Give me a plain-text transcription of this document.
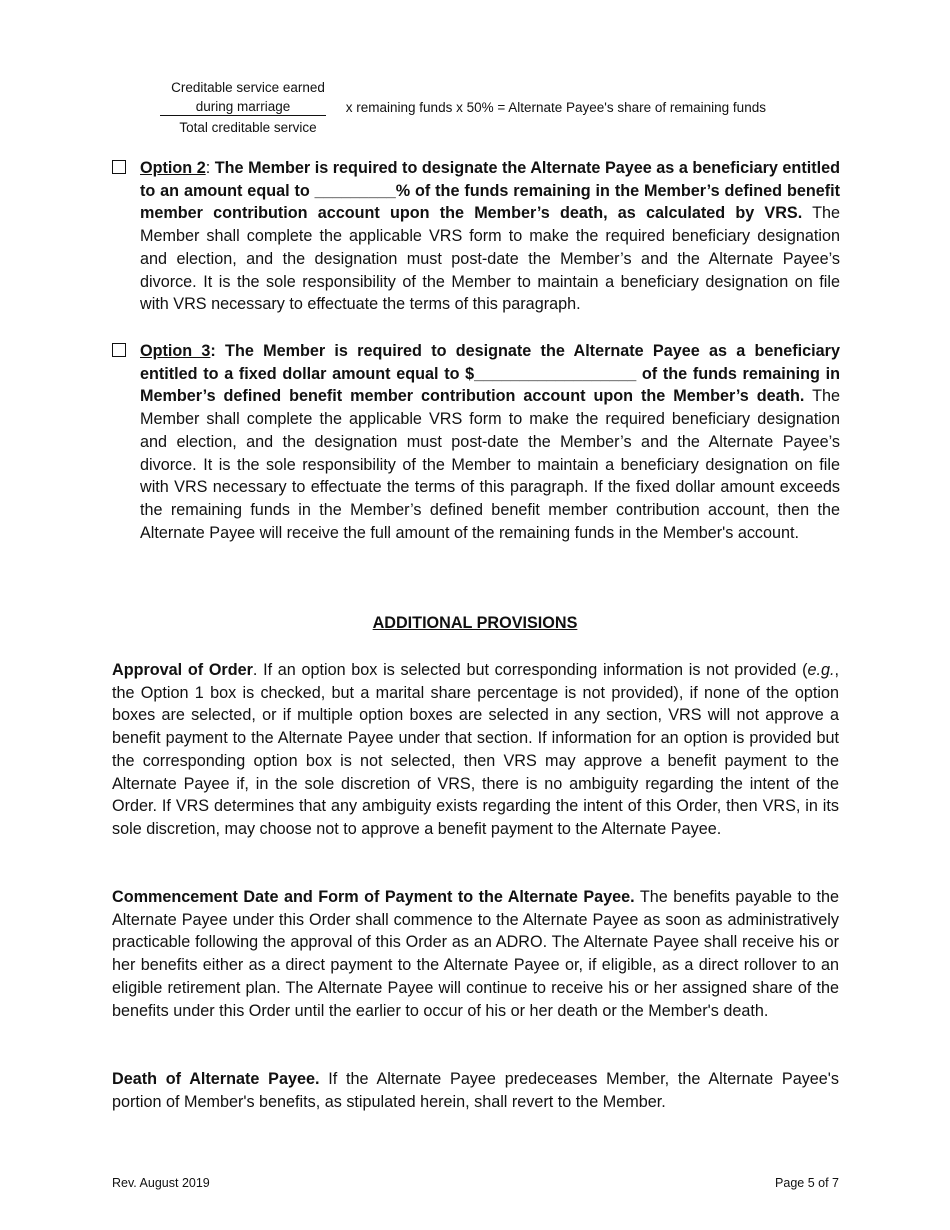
Creditable service earned
during marriage
Total creditable service
x remaining funds x 50% = Alternate Payee's share of remaining funds
Option 2: The Member is required to designate the Alternate Payee as a beneficiary entitled to an amount equal to _________% of the funds remaining in the Member’s defined benefit member contribution account upon the Member’s death, as calculated by VRS. The Member shall complete the applicable VRS form to make the required beneficiary designation and election, and the designation must post-date the Member’s and the Alternate Payee’s divorce. It is the sole responsibility of the Member to maintain a beneficiary designation on file with VRS necessary to effectuate the terms of this paragraph.
Option 3: The Member is required to designate the Alternate Payee as a beneficiary entitled to a fixed dollar amount equal to $__________________ of the funds remaining in Member’s defined benefit member contribution account upon the Member’s death. The Member shall complete the applicable VRS form to make the required beneficiary designation and election, and the designation must post-date the Member’s and the Alternate Payee’s divorce. It is the sole responsibility of the Member to maintain a beneficiary designation on file with VRS necessary to effectuate the terms of this paragraph. If the fixed dollar amount exceeds the remaining funds in the Member’s defined benefit member contribution account, then the Alternate Payee will receive the full amount of the remaining funds in the Member's account.
ADDITIONAL PROVISIONS
Approval of Order. If an option box is selected but corresponding information is not provided (e.g., the Option 1 box is checked, but a marital share percentage is not provided), if none of the option boxes are selected, or if multiple option boxes are selected in any section, VRS will not approve a benefit payment to the Alternate Payee under that section. If information for an option is provided but the corresponding option box is not selected, then VRS may approve a benefit payment to the Alternate Payee if, in the sole discretion of VRS, there is no ambiguity regarding the intent of the Order. If VRS determines that any ambiguity exists regarding the intent of this Order, then VRS, in its sole discretion, may choose not to approve a benefit payment to the Alternate Payee.
Commencement Date and Form of Payment to the Alternate Payee. The benefits payable to the Alternate Payee under this Order shall commence to the Alternate Payee as soon as administratively practicable following the approval of this Order as an ADRO. The Alternate Payee shall receive his or her benefits either as a direct payment to the Alternate Payee or, if eligible, as a direct rollover to an eligible retirement plan. The Alternate Payee will continue to receive his or her assigned share of the benefits under this Order until the earlier to occur of his or her death or the Member's death.
Death of Alternate Payee. If the Alternate Payee predeceases Member, the Alternate Payee's portion of Member's benefits, as stipulated herein, shall revert to the Member.
Rev. August 2019	Page 5 of 7
